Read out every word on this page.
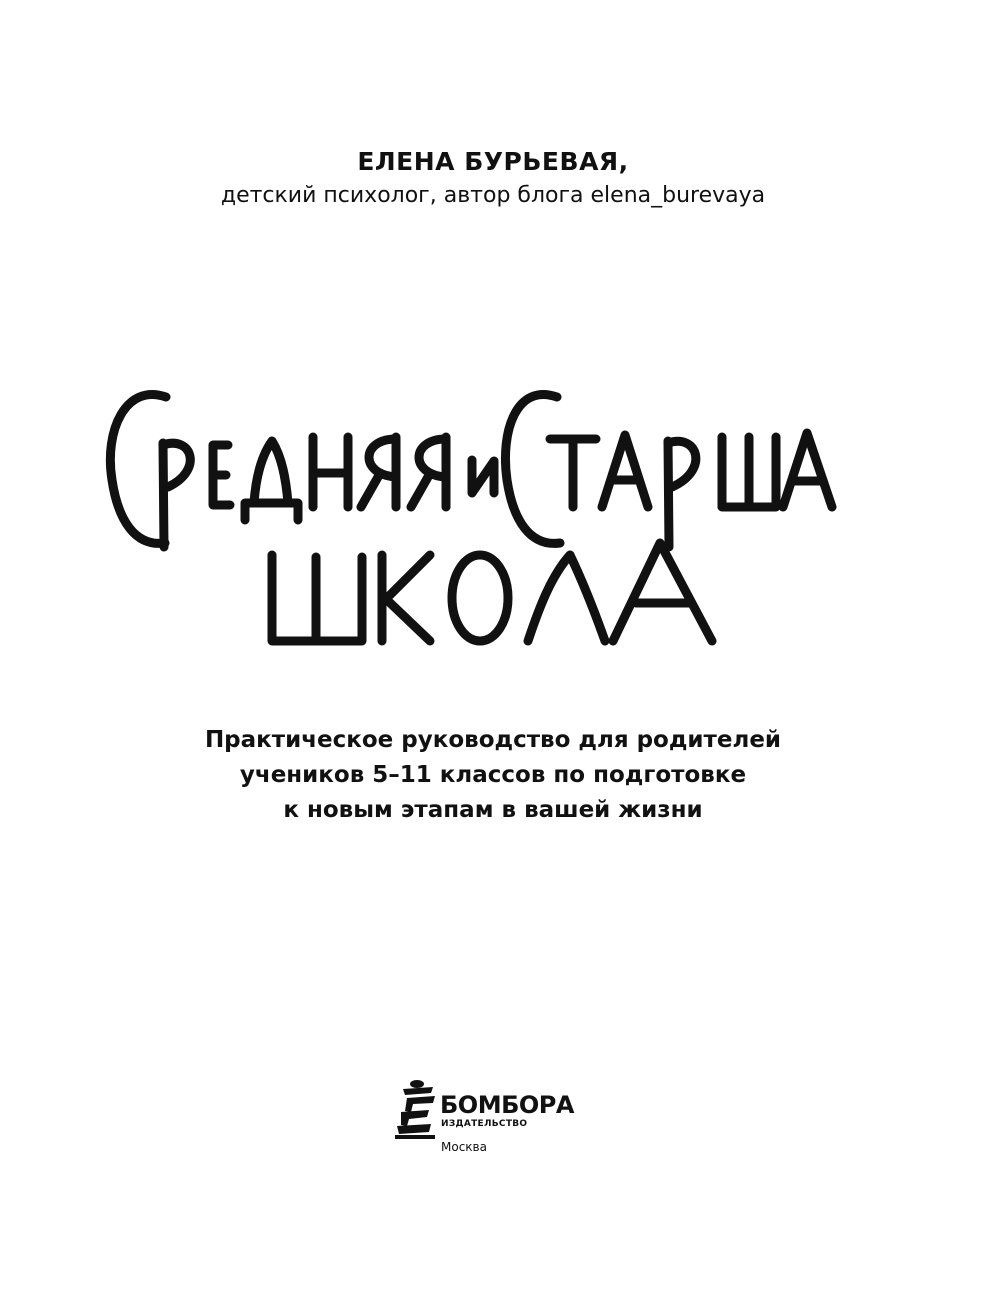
ЕЛЕНА БУРЬЕВАЯ,
детский психолог, автор блога elena_burevaya
Практическое руководство для родителей
учеников 5–11 классов по подготовке
к новым этапам в вашей жизни
БОМБОРА
ИЗДАТЕЛЬСТВО
Москва
